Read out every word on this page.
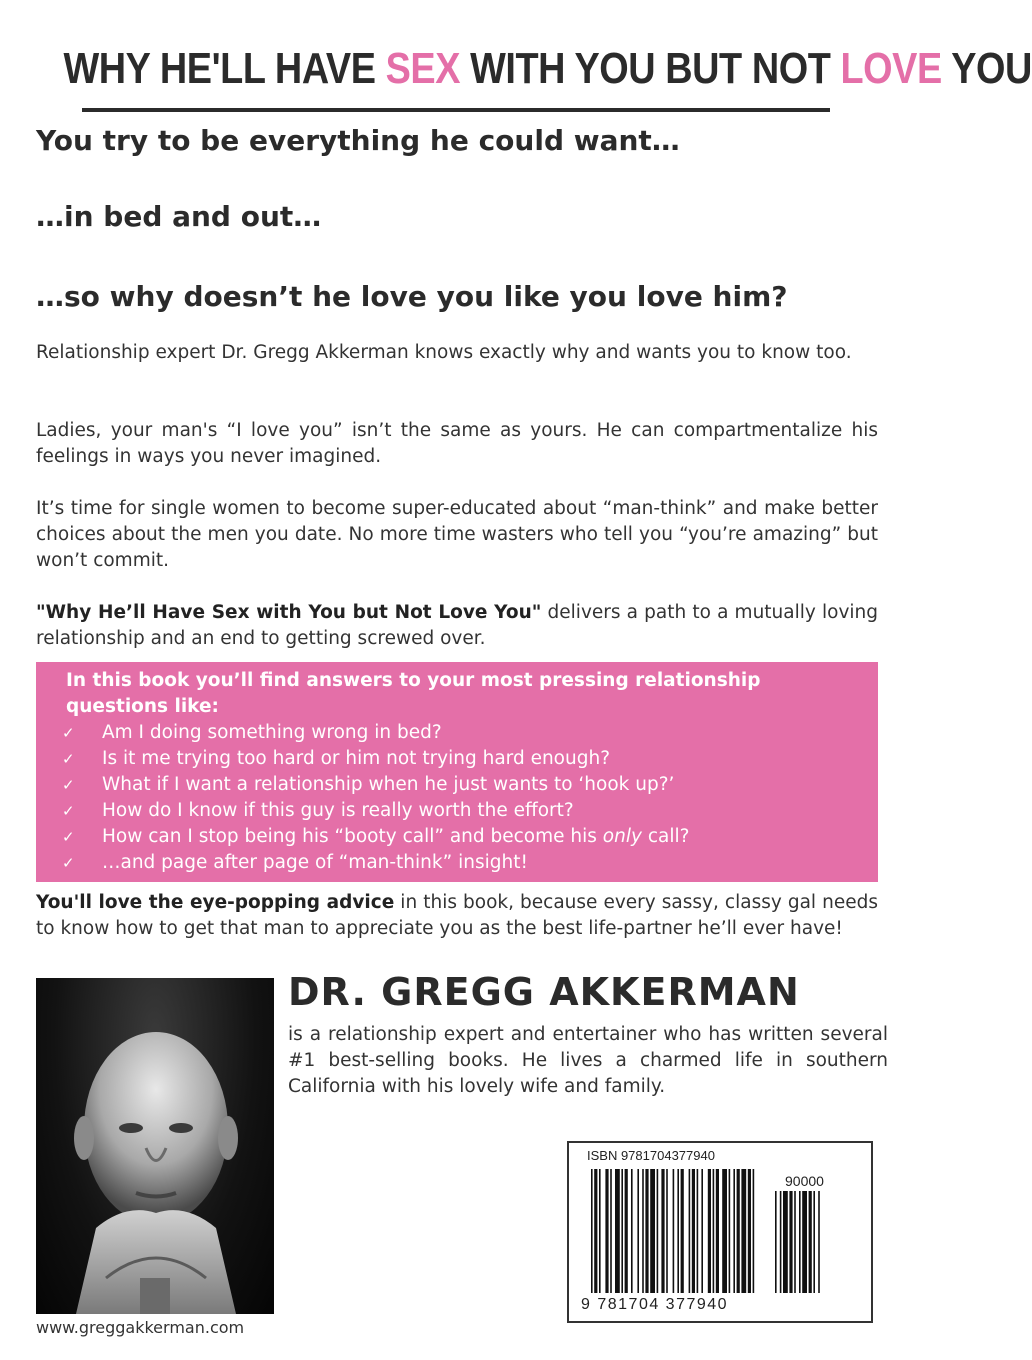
WHY HE'LL HAVE SEX WITH YOU BUT NOT LOVE YOU
You try to be everything he could want…
…in bed and out…
…so why doesn’t he love you like you love him?
Relationship expert Dr. Gregg Akkerman knows exactly why and wants you to know too.
Ladies, your man's “I love you” isn’t the same as yours. He can compartmentalize his feelings in ways you never imagined.
It’s time for single women to become super-educated about “man-think” and make better choices about the men you date. No more time wasters who tell you “you’re amazing” but won’t commit.
"Why He’ll Have Sex with You but Not Love You" delivers a path to a mutually loving relationship and an end to getting screwed over.
In this book you’ll find answers to your most pressing relationship questions like:
✓ Am I doing something wrong in bed?
✓ Is it me trying too hard or him not trying hard enough?
✓ What if I want a relationship when he just wants to ‘hook up?’
✓ How do I know if this guy is really worth the effort?
✓ How can I stop being his “booty call” and become his only call?
✓ …and page after page of “man-think” insight!
You'll love the eye-popping advice in this book, because every sassy, classy gal needs to know how to get that man to appreciate you as the best life-partner he’ll ever have!
www.greggakkerman.com
DR. GREGG AKKERMAN
is a relationship expert and entertainer who has written several #1 best-selling books. He lives a charmed life in southern California with his lovely wife and family.
ISBN 9781704377940
90000
9 781704 377940
